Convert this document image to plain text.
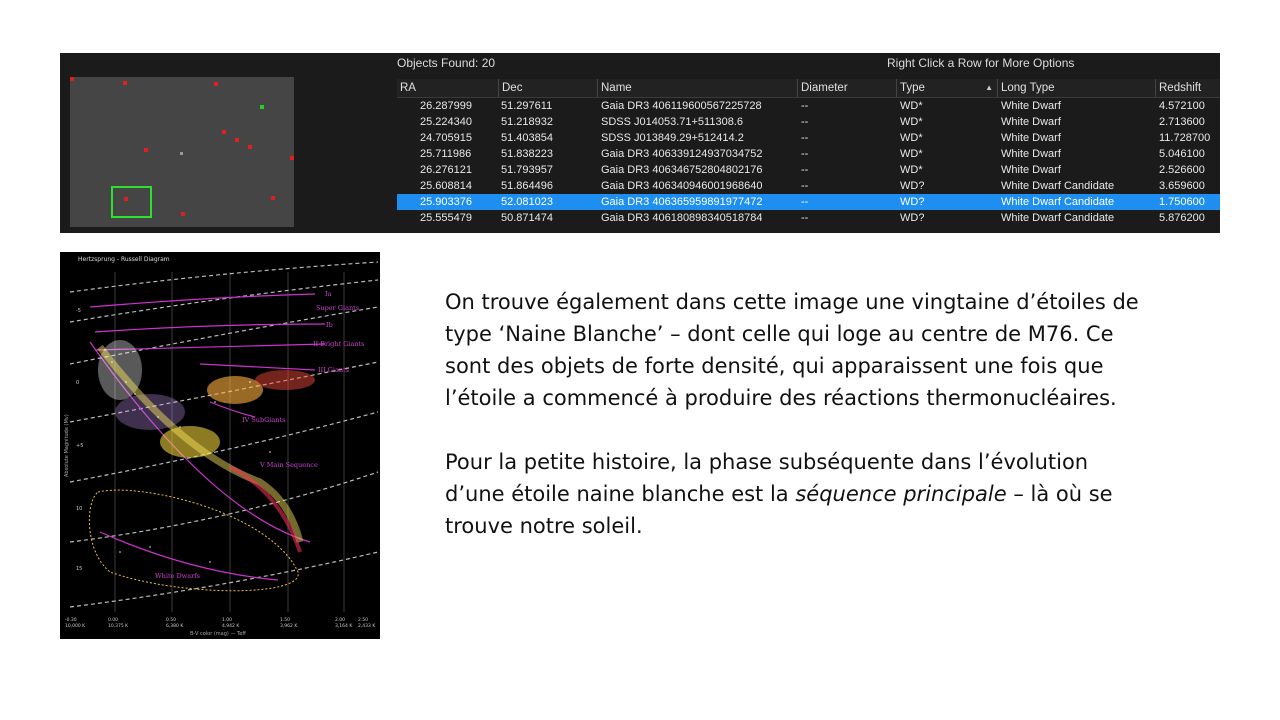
Objects Found: 20	Right Click a Row for More Options
RA	Dec	Name	Diameter	Type	▲ Long Type	Redshift
26.287999	51.297611	Gaia DR3 406119600567225728	--	WD*	White Dwarf	4.572100
25.224340	51.218932	SDSS J014053.71+511308.6	--	WD*	White Dwarf	2.713600
24.705915	51.403854	SDSS J013849.29+512414.2	--	WD*	White Dwarf	11.728700
25.711986	51.838223	Gaia DR3 406339124937034752	--	WD*	White Dwarf	5.046100
26.276121	51.793957	Gaia DR3 406346752804802176	--	WD*	White Dwarf	2.526600
25.608814	51.864496	Gaia DR3 406340946001968640	--	WD?	White Dwarf Candidate	3.659600
25.903376	52.081023	Gaia DR3 406365959891977472	--	WD?	White Dwarf Candidate	1.750600
25.555479	50.871474	Gaia DR3 406180898340518784	--	WD?	White Dwarf Candidate	5.876200
Hertzsprung - Russell Diagram
Ia
Super Giants
Ib
II Bright Giants
III Giants
IV SubGiants
V Main Sequence
White Dwarfs
-5
0
+5
10
15
Absolute Magnitude (Mv)
-0.30
10,000 K
0.00
10,375 K
0.50
6,380 K
1.00
4,942 K
1.50
3,962 K
2.00
3,164 K
2.50
2,433 K
B-V color (mag) — Teff

On trouve également dans cette image une vingtaine d’étoiles de type ‘Naine Blanche’ – dont celle qui loge au centre de M76. Ce sont des objets de forte densité, qui apparaissent une fois que l’étoile a commencé à produire des réactions thermonucléaires.

Pour la petite histoire, la phase subséquente dans l’évolution d’une étoile naine blanche est la séquence principale – là où se trouve notre soleil.
